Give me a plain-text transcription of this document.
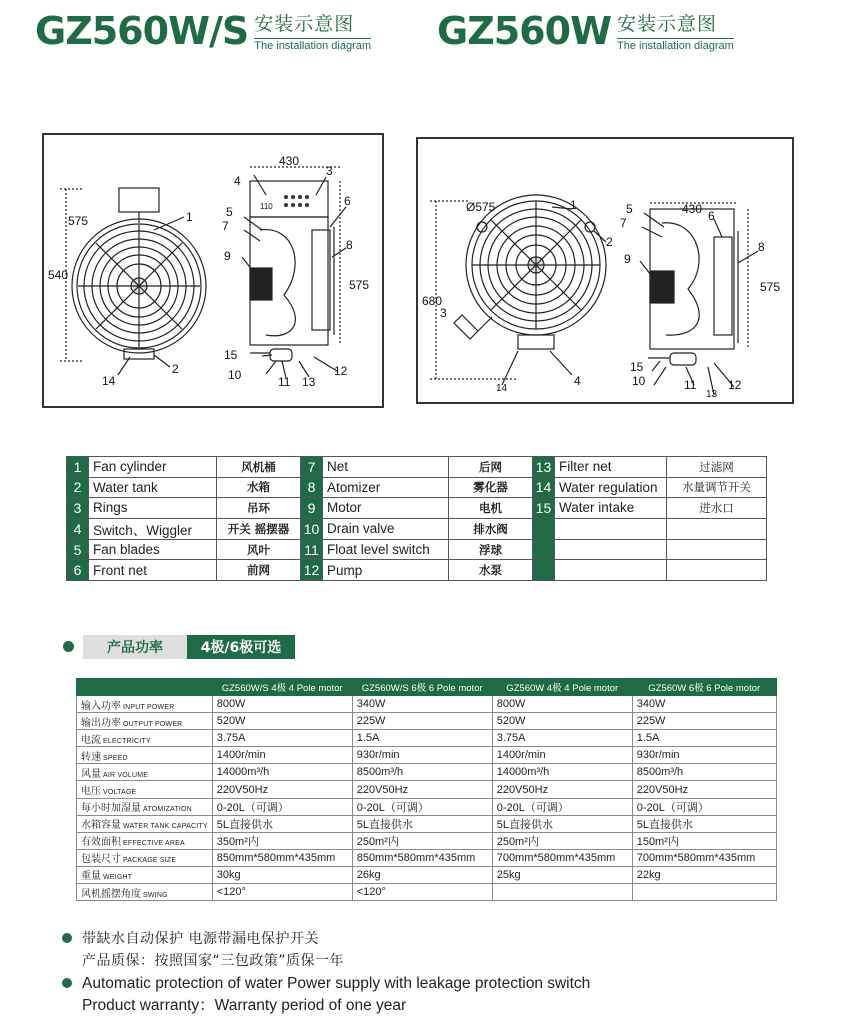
GZ560W/S 安装示意图
The installation diagram GZ560W 安装示意图
The installation diagram
430
540
575
575
110
1
2
3
4
5
6
7
8
9
10	11
12
13
14
15
Ø575
680
430
575
1
2
3
4
5	6
7
8
9
10	11	12
13
14
15
1	Fan cylinder	风机桶	7	Net	后网	13	Filter net	过滤网
2	Water tank	水箱	8	Atomizer	雾化器	14	Water regulation	水量调节开关
3	Rings	吊环	9	Motor	电机	15	Water intake	进水口
4	Switch、Wiggler	开关 摇摆器	10	Drain valve	排水阀			
5	Fan blades	风叶	11	Float level switch	浮球			
6	Front net	前网	12	Pump	水泵			
产品功率	4极/6极可选
	GZ560W/S 4极 4 Pole motor	GZ560W/S 6极 6 Pole motor	GZ560W 4极 4 Pole motor	GZ560W 6极 6 Pole motor
输入功率 INPUT POWER	800W	340W	800W	340W
输出功率 OUTPUT POWER	520W	225W	520W	225W
电流 ELECTRICITY	3.75A	1.5A	3.75A	1.5A
转速 SPEED	1400r/min	930r/min	1400r/min	930r/min
风量 AIR VOLUME	14000m³/h	8500m³/h	14000m³/h	8500m³/h
电压 VOLTAGE	220V50Hz	220V50Hz	220V50Hz	220V50Hz
每小时加湿量 ATOMIZATION	0-20L（可调）	0-20L（可调）	0-20L（可调）	0-20L（可调）
水箱容量 WATER TANK CAPACITY	5L直接供水	5L直接供水	5L直接供水	5L直接供水
有效面积 EFFECTIVE AREA	350m²内	250m²内	250m²内	150m²内
包装尺寸 PACKAGE SIZE	850mm*580mm*435mm	850mm*580mm*435mm	700mm*580mm*435mm	700mm*580mm*435mm
重量 WEIGHT	30kg	26kg	25kg	22kg
风机摇摆角度 SWING	<120°	<120°		

带缺水自动保护 电源带漏电保护开关

产品质保：按照国家“三包政策”质保一年

Automatic protection of water Power supply with leakage protection switch

Product warranty：Warranty period of one year
